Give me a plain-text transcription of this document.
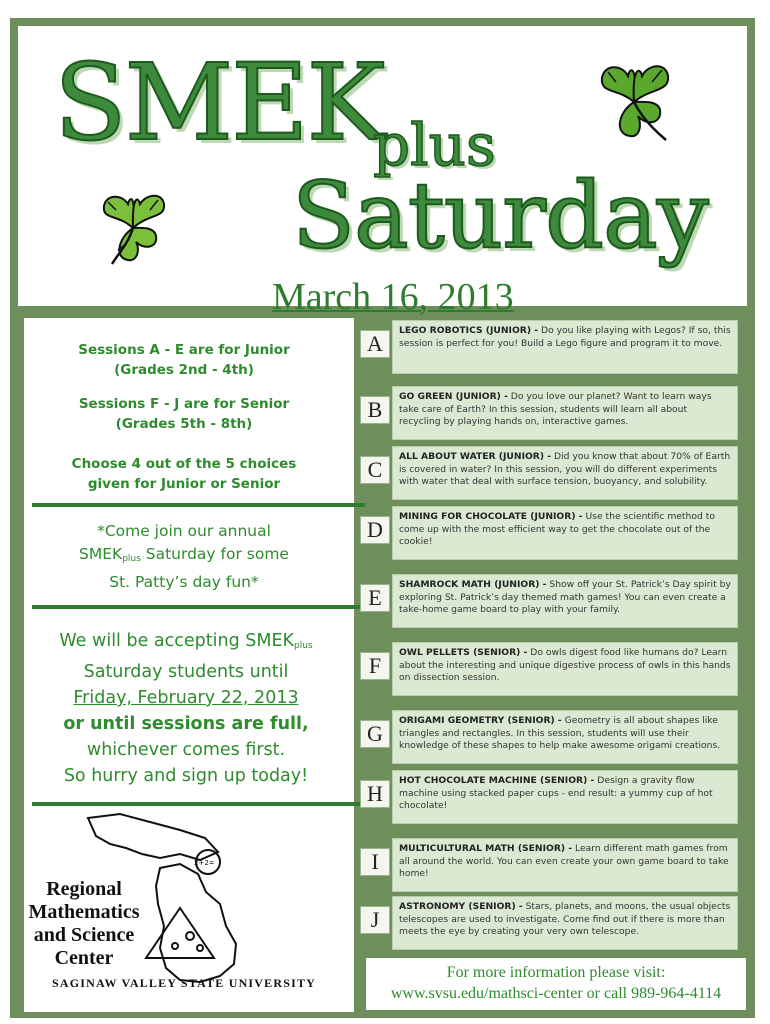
SMEK
plus
Saturday
March 16, 2013
Sessions A - E are for Junior
(Grades 2nd - 4th)
Sessions F - J are for Senior
(Grades 5th - 8th)
Choose 4 out of the 5 choices
given for Junior or Senior
*Come join our annual
$SMEK_{plus}$ Saturday for some
St. Patty’s day fun*
We will be accepting $SMEK_{plus}$
Saturday students until
Friday, February 22, 2013
or until sessions are full,
whichever comes first.
So hurry and sign up today!
2+2=
Regional
Mathematics
and Science
Center
SAGINAW VALLEY STATE UNIVERSITY
A
LEGO ROBOTICS (JUNIOR) - Do you like playing with Legos? If so, this session is perfect for you! Build a Lego figure and program it to move.
B
GO GREEN (JUNIOR) - Do you love our planet? Want to learn ways take care of Earth? In this session, students will learn all about recycling by playing hands on, interactive games.
C
ALL ABOUT WATER (JUNIOR) - Did you know that about 70% of Earth is covered in water? In this session, you will do different experiments with water that deal with surface tension, buoyancy, and solubility.
D
MINING FOR CHOCOLATE (JUNIOR) - Use the scientific method to come up with the most efficient way to get the chocolate out of the cookie!
E
SHAMROCK MATH (JUNIOR) - Show off your St. Patrick’s Day spirit by exploring St. Patrick’s day themed math games! You can even create a take-home game board to play with your family.
F
OWL PELLETS (SENIOR) - Do owls digest food like humans do? Learn about the interesting and unique digestive process of owls in this hands on dissection session.
G
ORIGAMI GEOMETRY (SENIOR) - Geometry is all about shapes like triangles and rectangles. In this session, students will use their knowledge of these shapes to help make awesome origami creations.
H
HOT CHOCOLATE MACHINE (SENIOR) - Design a gravity flow machine using stacked paper cups - end result: a yummy cup of hot chocolate!
I
MULTICULTURAL MATH (SENIOR) - Learn different math games from all around the world. You can even create your own game board to take home!
J
ASTRONOMY (SENIOR) - Stars, planets, and moons, the usual objects telescopes are used to investigate. Come find out if there is more than meets the eye by creating your very own telescope.
For more information please visit:
www.svsu.edu/mathsci-center or call 989-964-4114
